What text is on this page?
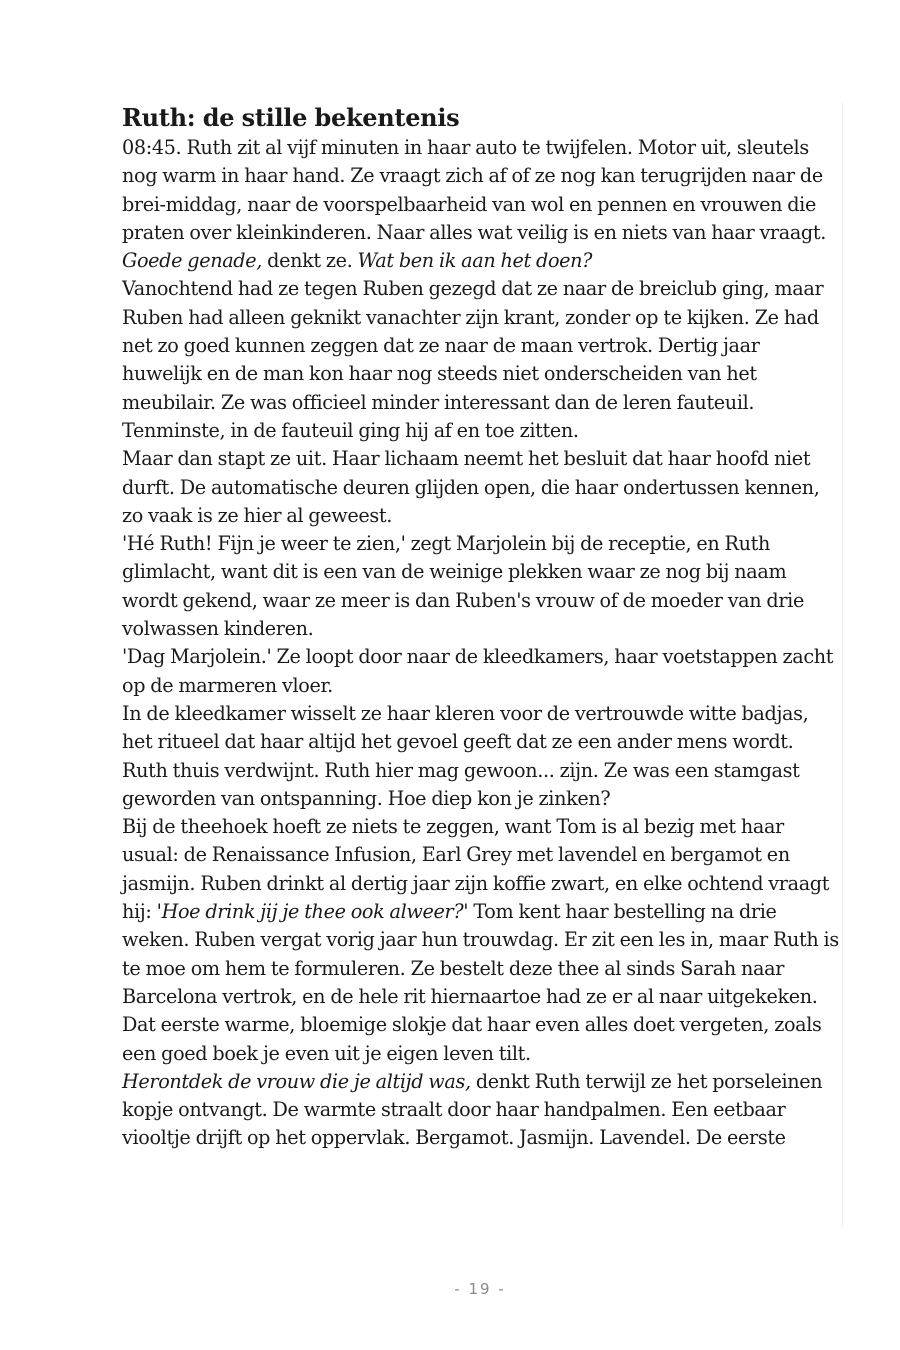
Ruth: de stille bekentenis

08:45. Ruth zit al vijf minuten in haar auto te twijfelen. Motor uit, sleutels nog warm in haar hand. Ze vraagt zich af of ze nog kan terugrijden naar de brei-middag, naar de voorspelbaarheid van wol en pennen en vrouwen die praten over kleinkinderen. Naar alles wat veilig is en niets van haar vraagt.

Goede genade, denkt ze. Wat ben ik aan het doen?

Vanochtend had ze tegen Ruben gezegd dat ze naar de breiclub ging, maar Ruben had alleen geknikt vanachter zijn krant, zonder op te kijken. Ze had net zo goed kunnen zeggen dat ze naar de maan vertrok. Dertig jaar huwelijk en de man kon haar nog steeds niet onderscheiden van het meubilair. Ze was officieel minder interessant dan de leren fauteuil. Tenminste, in de fauteuil ging hij af en toe zitten.

Maar dan stapt ze uit. Haar lichaam neemt het besluit dat haar hoofd niet durft. De automatische deuren glijden open, die haar ondertussen kennen, zo vaak is ze hier al geweest.

'Hé Ruth! Fijn je weer te zien,' zegt Marjolein bij de receptie, en Ruth glimlacht, want dit is een van de weinige plekken waar ze nog bij naam wordt gekend, waar ze meer is dan Ruben's vrouw of de moeder van drie volwassen kinderen.

'Dag Marjolein.' Ze loopt door naar de kleedkamers, haar voetstappen zacht op de marmeren vloer.

In de kleedkamer wisselt ze haar kleren voor de vertrouwde witte badjas, het ritueel dat haar altijd het gevoel geeft dat ze een ander mens wordt. Ruth thuis verdwijnt. Ruth hier mag gewoon... zijn. Ze was een stamgast geworden van ontspanning. Hoe diep kon je zinken?

Bij de theehoek hoeft ze niets te zeggen, want Tom is al bezig met haar usual: de Renaissance Infusion, Earl Grey met lavendel en bergamot en jasmijn. Ruben drinkt al dertig jaar zijn koffie zwart, en elke ochtend vraagt hij: 'Hoe drink jij je thee ook alweer?' Tom kent haar bestelling na drie weken. Ruben vergat vorig jaar hun trouwdag. Er zit een les in, maar Ruth is te moe om hem te formuleren. Ze bestelt deze thee al sinds Sarah naar Barcelona vertrok, en de hele rit hiernaartoe had ze er al naar uitgekeken. Dat eerste warme, bloemige slokje dat haar even alles doet vergeten, zoals een goed boek je even uit je eigen leven tilt.

Herontdek de vrouw die je altijd was, denkt Ruth terwijl ze het porseleinen kopje ontvangt. De warmte straalt door haar handpalmen. Een eetbaar viooltje drijft op het oppervlak. Bergamot. Jasmijn. Lavendel. De eerste

- 19 -
